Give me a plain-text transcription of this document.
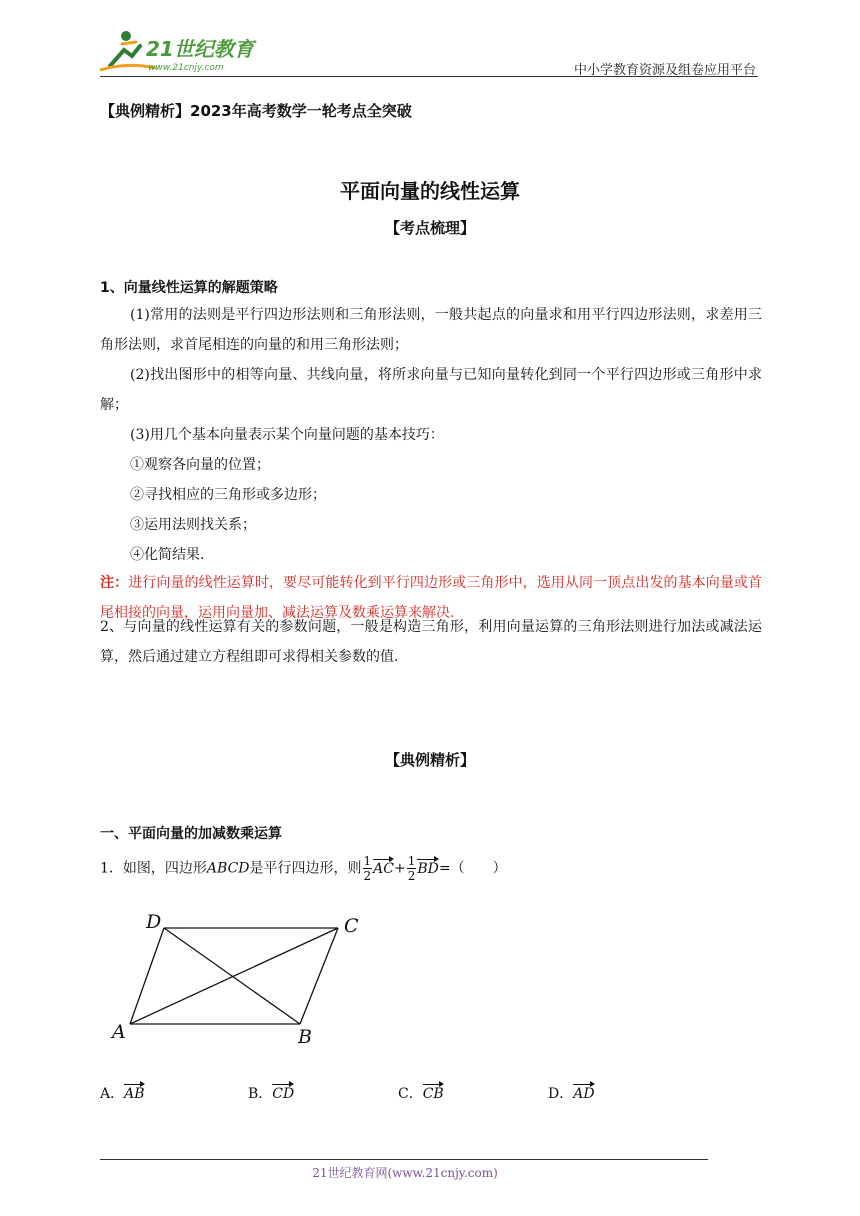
21世纪教育
www.21cnjy.com	中小学教育资源及组卷应用平台
【典例精析】2023年高考数学一轮考点全突破
平面向量的线性运算
【考点梳理】
1、向量线性运算的解题策略
(1)常用的法则是平行四边形法则和三角形法则，一般共起点的向量求和用平行四边形法则，求差用三角形法则，求首尾相连的向量的和用三角形法则；
(2)找出图形中的相等向量、共线向量，将所求向量与已知向量转化到同一个平行四边形或三角形中求解；
(3)用几个基本向量表示某个向量问题的基本技巧：
①观察各向量的位置；
②寻找相应的三角形或多边形；
③运用法则找关系；
④化简结果.
注：进行向量的线性运算时，要尽可能转化到平行四边形或三角形中，选用从同一顶点出发的基本向量或首尾相接的向量，运用向量加、减法运算及数乘运算来解决.
2、与向量的线性运算有关的参数问题，一般是构造三角形，利用向量运算的三角形法则进行加法或减法运算，然后通过建立方程组即可求得相关参数的值.
【典例精析】
一、平面向量的加减数乘运算
1．如图，四边形ABCD是平行四边形，则 $\frac{1}{2} AC+ \frac{1}{2} BD=$（　　）
A	B
C
D
A．AB	B．CD	C．CB	D．AD
21世纪教育网(www.21cnjy.com)
